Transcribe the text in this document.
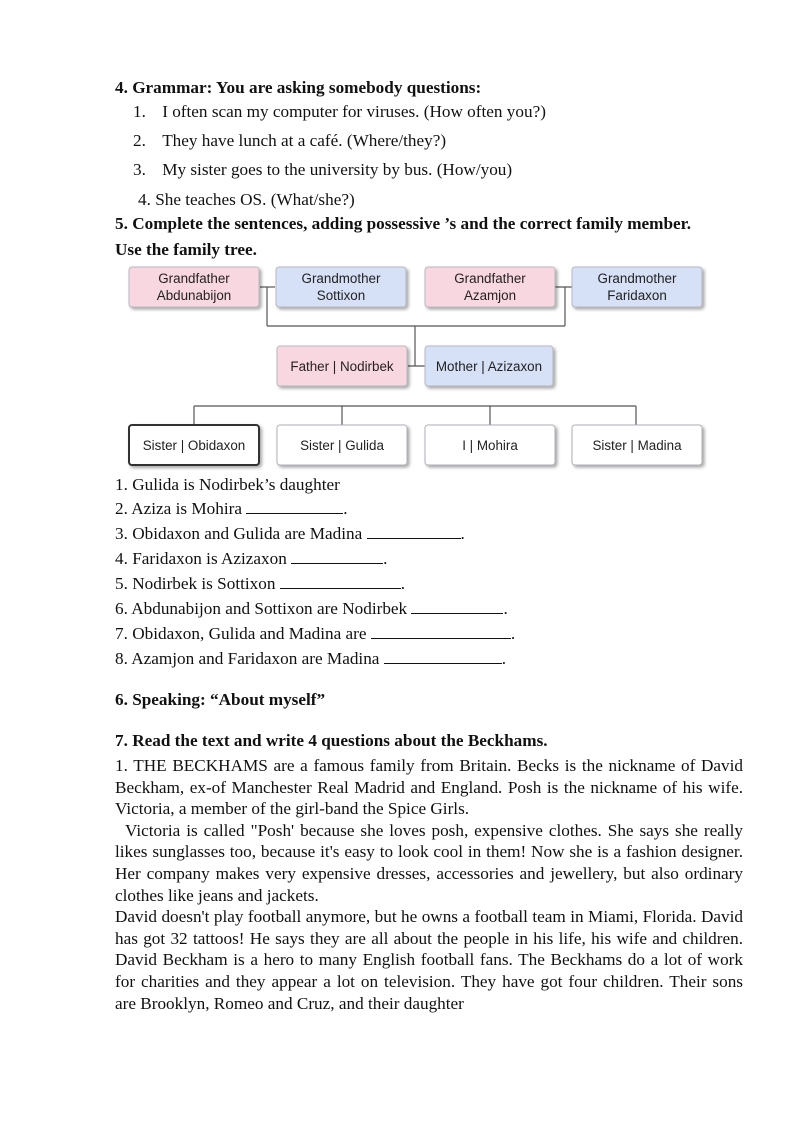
4. Grammar: You are asking somebody questions:
1. I often scan my computer for viruses. (How often you?)
2. They have lunch at a café. (Where/they?)
3. My sister goes to the university by bus. (How/you)
4. She teaches OS. (What/she?)
5. Complete the sentences, adding possessive ’s and the correct family member.
Use the family tree.
Grandfather
Abdunabijon
Grandmother
Sottixon
Grandfather
Azamjon
Grandmother
Faridaxon
Father | Nodirbek	Mother | Azizaxon
Sister | Obidaxon	Sister | Gulida	I | Mohira	Sister | Madina
1. Gulida is Nodirbek’s daughter
2. Aziza is Mohira	.
3. Obidaxon and Gulida are Madina	.
4. Faridaxon is Azizaxon	.
5. Nodirbek is Sottixon	.
6. Abdunabijon and Sottixon are Nodirbek	.
7. Obidaxon, Gulida and Madina are	.
8. Azamjon and Faridaxon are Madina	.
6. Speaking: “About myself”
7. Read the text and write 4 questions about the Beckhams.

1. THE BECKHAMS are a famous family from Britain. Becks is the nickname of David Beckham, ex-of Manchester Real Madrid and England. Posh is the nickname of his wife. Victoria, a member of the girl-band the Spice Girls.

Victoria is called "Posh' because she loves posh, expensive clothes. She says she really likes sunglasses too, because it's easy to look cool in them! Now she is a fashion designer. Her company makes very expensive dresses, accessories and jewellery, but also ordinary clothes like jeans and jackets.

David doesn't play football anymore, but he owns a football team in Miami, Florida. David has got 32 tattoos! He says they are all about the people in his life, his wife and children. David Beckham is a hero to many English football fans. The Beckhams do a lot of work for charities and they appear a lot on television. They have got four children. Their sons are Brooklyn, Romeo and Cruz, and their daughter
